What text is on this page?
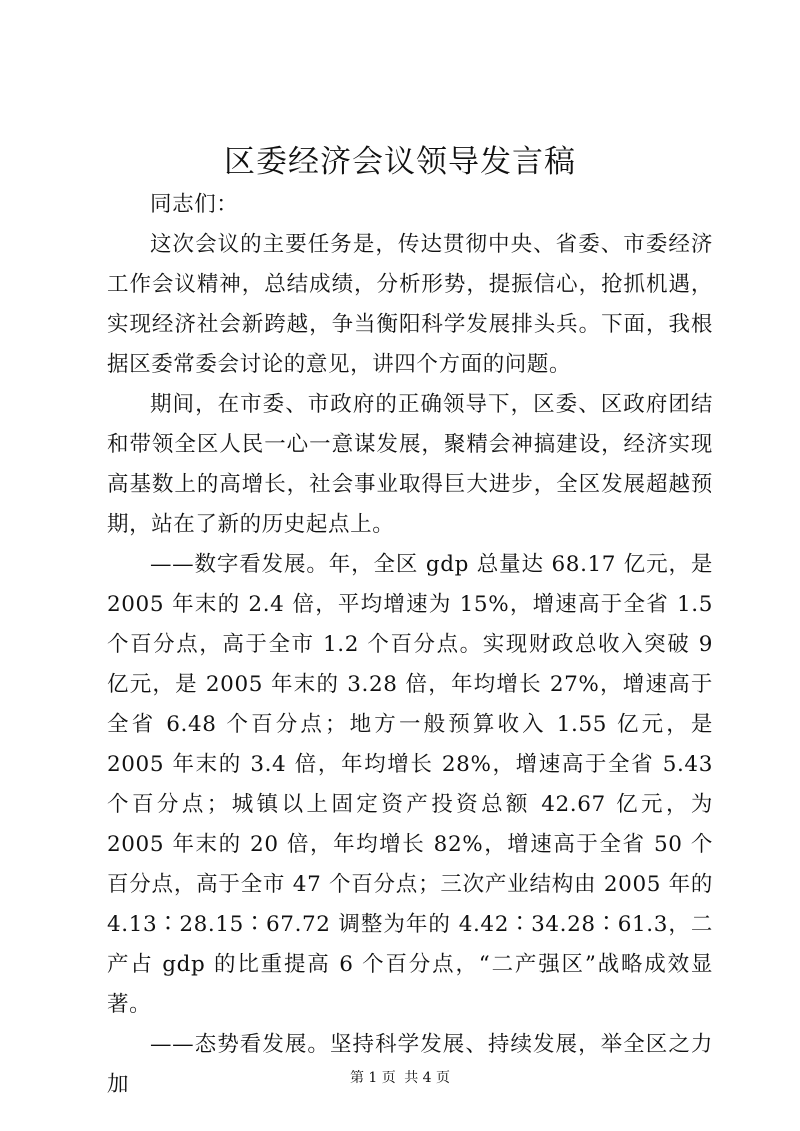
区委经济会议领导发言稿

同志们：

这次会议的主要任务是，传达贯彻中央、省委、市委经济工作会议精神，总结成绩，分析形势，提振信心，抢抓机遇，实现经济社会新跨越，争当衡阳科学发展排头兵。下面，我根据区委常委会讨论的意见，讲四个方面的问题。

期间，在市委、市政府的正确领导下，区委、区政府团结和带领全区人民一心一意谋发展，聚精会神搞建设，经济实现高基数上的高增长，社会事业取得巨大进步，全区发展超越预期，站在了新的历史起点上。

——数字看发展。年，全区 gdp 总量达 68.17 亿元，是 2005 年末的 2.4 倍，平均增速为 15%，增速高于全省 1.5 个百分点，高于全市 1.2 个百分点。实现财政总收入突破 9 亿元，是 2005 年末的 3.28 倍，年均增长 27%，增速高于全省 6.48 个百分点；地方一般预算收入 1.55 亿元，是 2005 年末的 3.4 倍，年均增长 28%，增速高于全省 5.43 个百分点；城镇以上固定资产投资总额 42.67 亿元，为 2005 年末的 20 倍，年均增长 82%，增速高于全省 50 个百分点，高于全市 47 个百分点；三次产业结构由 2005 年的 4.13∶28.15∶67.72 调整为年的 4.42∶34.28∶61.3，二产占 gdp 的比重提高 6 个百分点，“二产强区”战略成效显著。

——态势看发展。坚持科学发展、持续发展，举全区之力加	第 1 页 共 4 页
